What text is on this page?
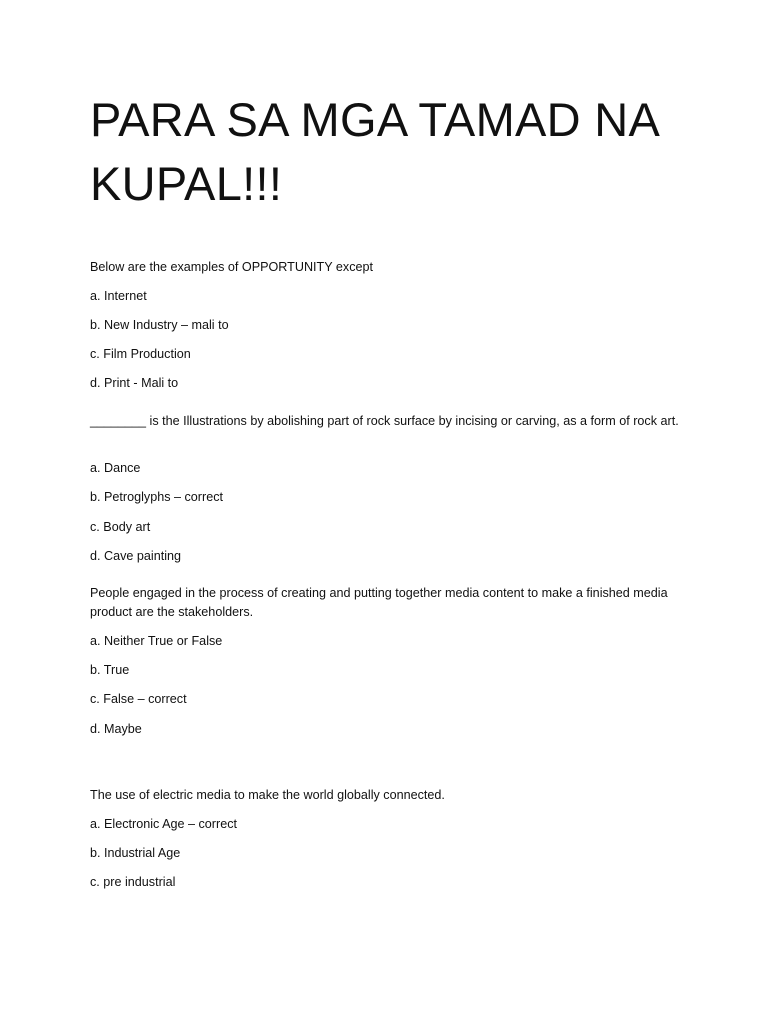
PARA SA MGA TAMAD NA KUPAL!!!

Below are the examples of OPPORTUNITY except

a. Internet

b. New Industry – mali to

c. Film Production

d. Print - Mali to

________ is the Illustrations by abolishing part of rock surface by incising or carving, as a form of rock art.

a. Dance

b. Petroglyphs – correct

c. Body art

d. Cave painting

People engaged in the process of creating and putting together media content to make a finished media product are the stakeholders.

a. Neither True or False

b. True

c. False – correct

d. Maybe

The use of electric media to make the world globally connected.

a. Electronic Age – correct

b. Industrial Age

c. pre industrial
